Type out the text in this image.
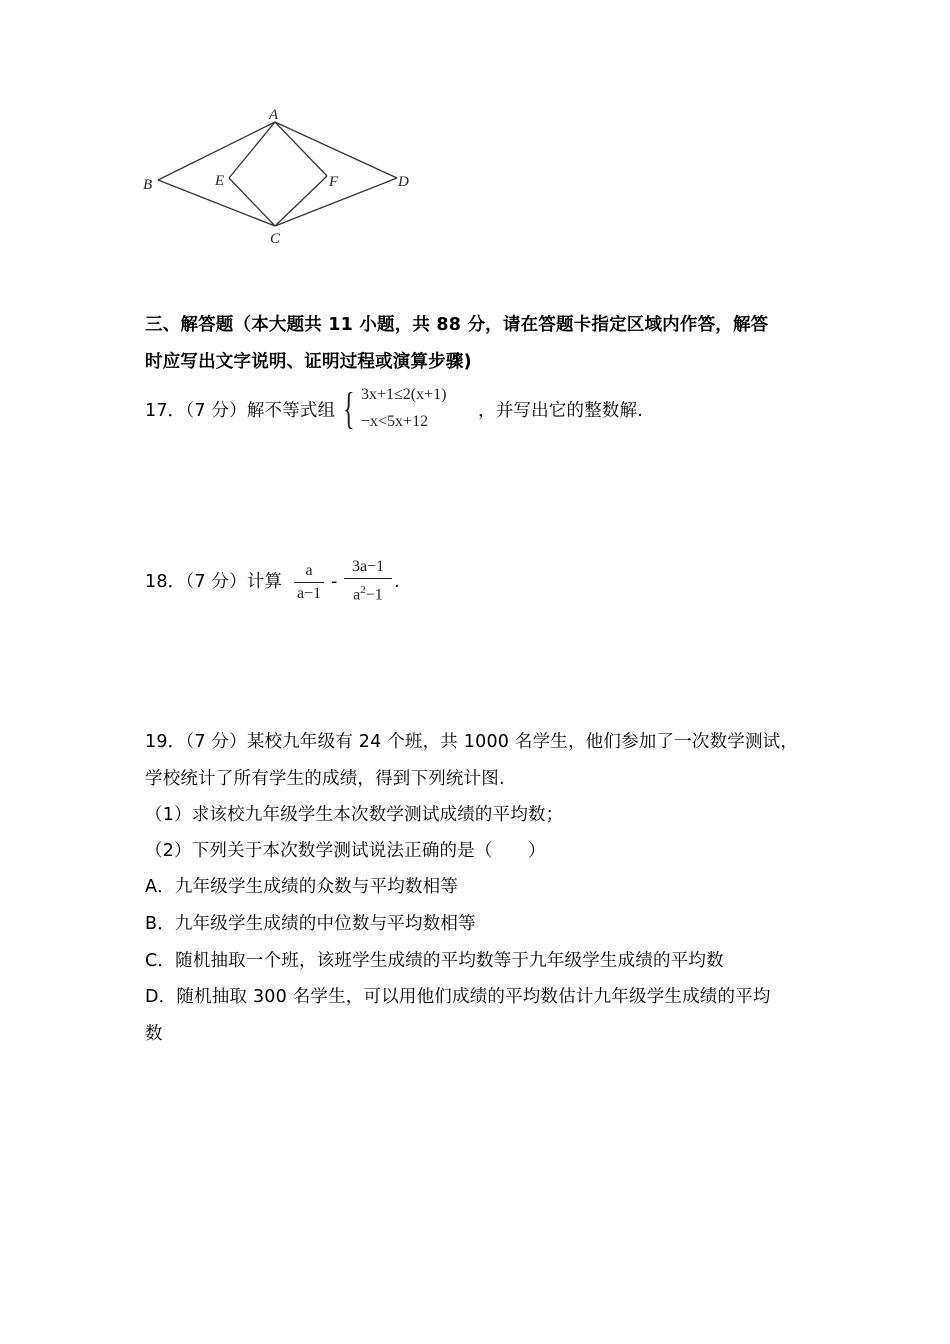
A
B
C
D
E	F
三、解答题（本大题共 11 小题，共 88 分，请在答题卡指定区域内作答，解答
时应写出文字说明、证明过程或演算步骤)
17．（7 分）解不等式组 { 3x+1≤2(x+1)
−x<5x+12
，并写出它的整数解.
18．（7 分）计算
a
a−1
-
3a−1
$a^2-1$
.
19．（7 分）某校九年级有 24 个班，共 1000 名学生，他们参加了一次数学测试，
学校统计了所有学生的成绩，得到下列统计图.
（1）求该校九年级学生本次数学测试成绩的平均数；
（2）下列关于本次数学测试说法正确的是（　　）
A．九年级学生成绩的众数与平均数相等
B．九年级学生成绩的中位数与平均数相等
C．随机抽取一个班，该班学生成绩的平均数等于九年级学生成绩的平均数
D．随机抽取 300 名学生，可以用他们成绩的平均数估计九年级学生成绩的平均
数
